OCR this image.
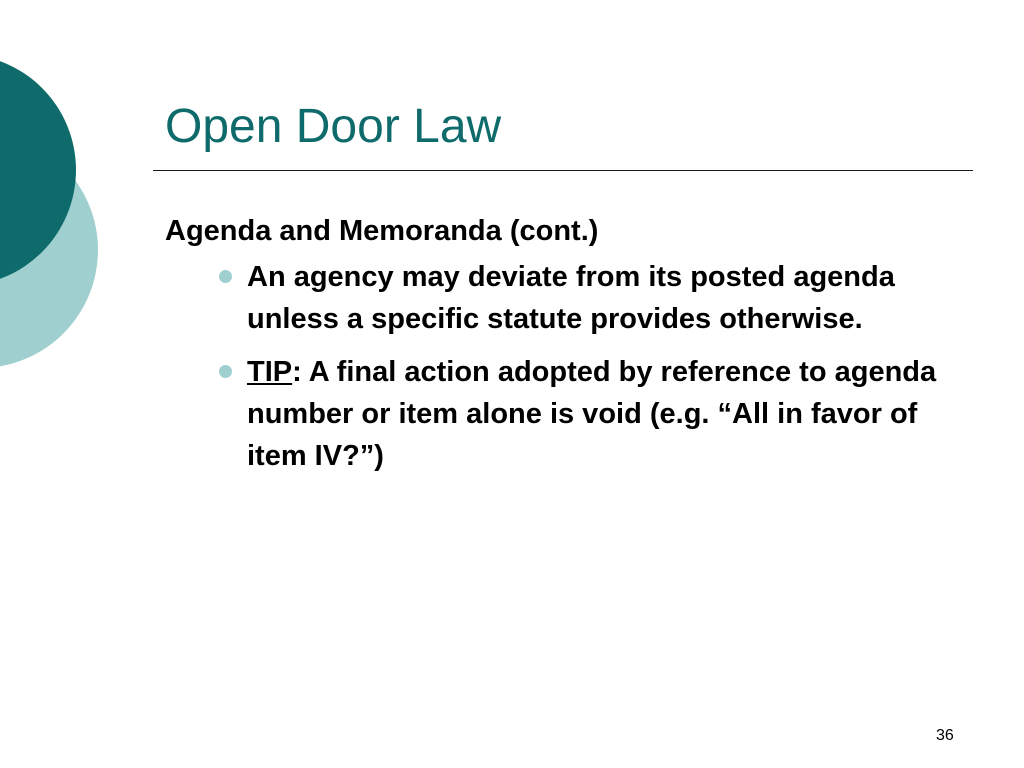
Open Door Law

Agenda and Memoranda (cont.)

An agency may deviate from its posted agenda unless a specific statute provides otherwise.
TIP: A final action adopted by reference to agenda number or item alone is void (e.g. “All in favor of item IV?”)
36
